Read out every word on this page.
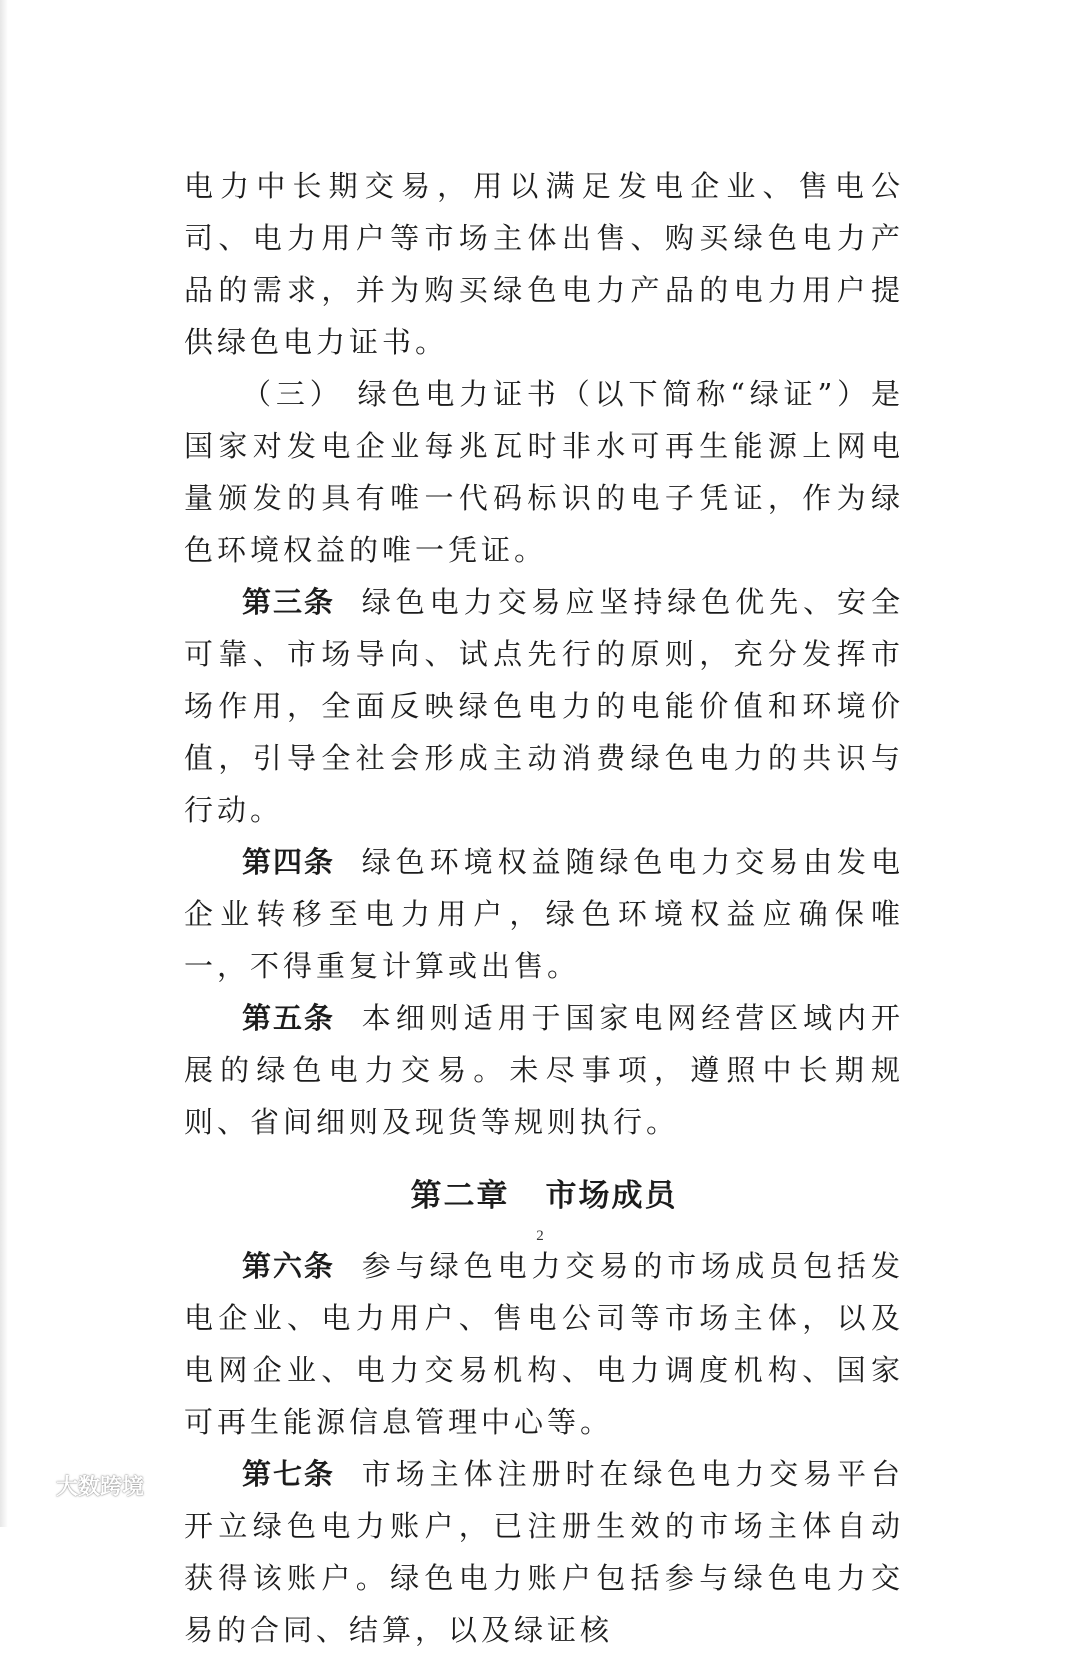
电力中长期交易，用以满足发电企业、售电公司、电力用户等市场主体出售、购买绿色电力产品的需求，并为购买绿色电力产品的电力用户提供绿色电力证书。

（三） 绿色电力证书（以下简称“绿证”）是国家对发电企业每兆瓦时非水可再生能源上网电量颁发的具有唯一代码标识的电子凭证，作为绿色环境权益的唯一凭证。

第三条 绿色电力交易应坚持绿色优先、安全可靠、市场导向、试点先行的原则，充分发挥市场作用，全面反映绿色电力的电能价值和环境价值，引导全社会形成主动消费绿色电力的共识与行动。

第四条 绿色环境权益随绿色电力交易由发电企业转移至电力用户，绿色环境权益应确保唯一，不得重复计算或出售。

第五条 本细则适用于国家电网经营区域内开展的绿色电力交易。未尽事项，遵照中长期规则、省间细则及现货等规则执行。

第二章 市场成员

第六条 参与绿色电力交易的市场成员包括发电企业、电力用户、售电公司等市场主体，以及电网企业、电力交易机构、电力调度机构、国家可再生能源信息管理中心等。

第七条 市场主体注册时在绿色电力交易平台开立绿色电力账户，已注册生效的市场主体自动获得该账户。绿色电力账户包括参与绿色电力交易的合同、结算，以及绿证核

2
大数跨境
